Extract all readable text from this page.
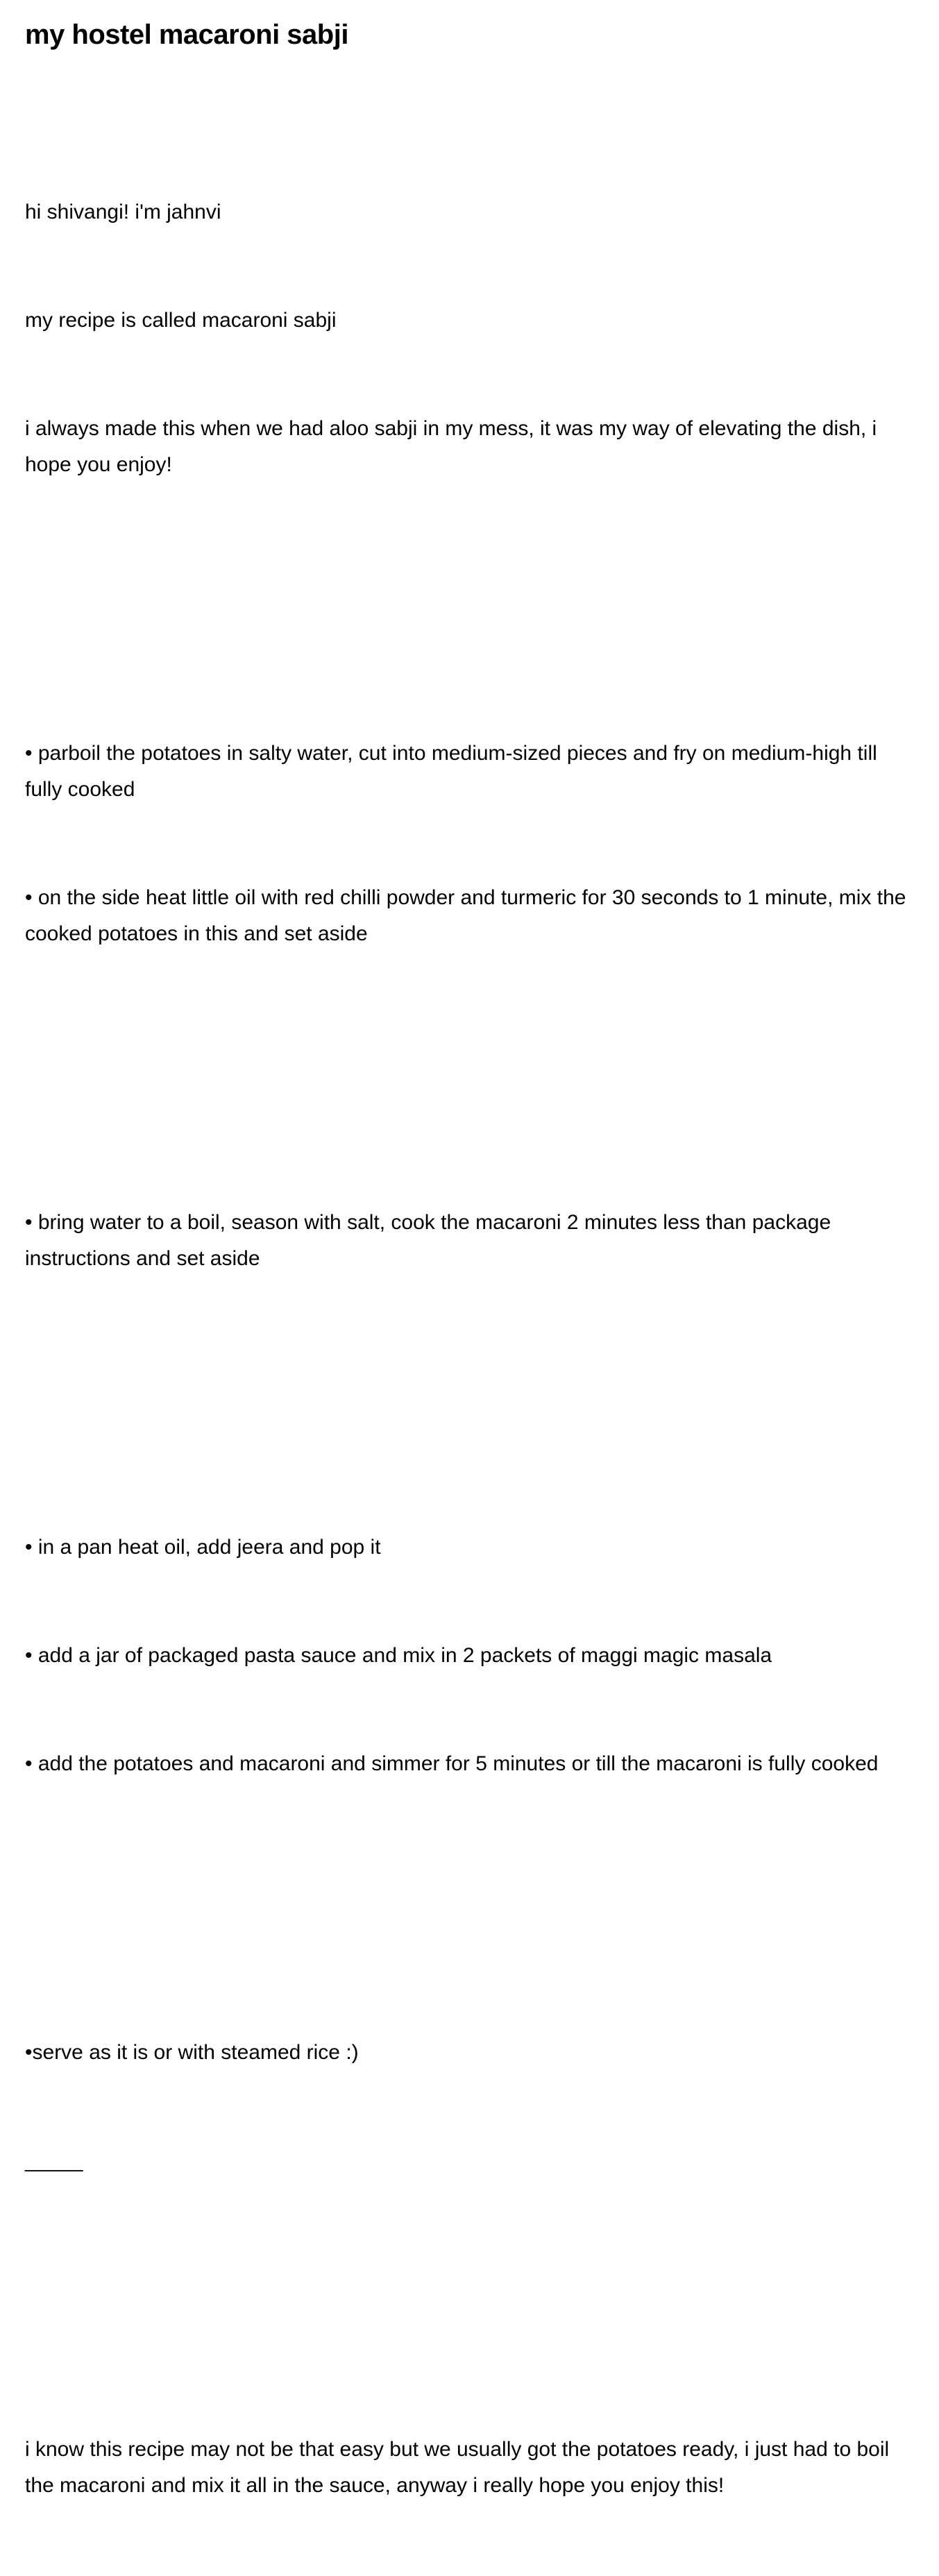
my hostel macaroni sabji

hi shivangi! i'm jahnvi

my recipe is called macaroni sabji

i always made this when we had aloo sabji in my mess, it was my way of elevating the dish, i hope you enjoy!

• parboil the potatoes in salty water, cut into medium-sized pieces and fry on medium-high till fully cooked

• on the side heat little oil with red chilli powder and turmeric for 30 seconds to 1 minute, mix the cooked potatoes in this and set aside

• bring water to a boil, season with salt, cook the macaroni 2 minutes less than package instructions and set aside

• in a pan heat oil, add jeera and pop it

• add a jar of packaged pasta sauce and mix in 2 packets of maggi magic masala

• add the potatoes and macaroni and simmer for 5 minutes or till the macaroni is fully cooked

•serve as it is or with steamed rice :)

_____

i know this recipe may not be that easy but we usually got the potatoes ready, i just had to boil the macaroni and mix it all in the sauce, anyway i really hope you enjoy this!
